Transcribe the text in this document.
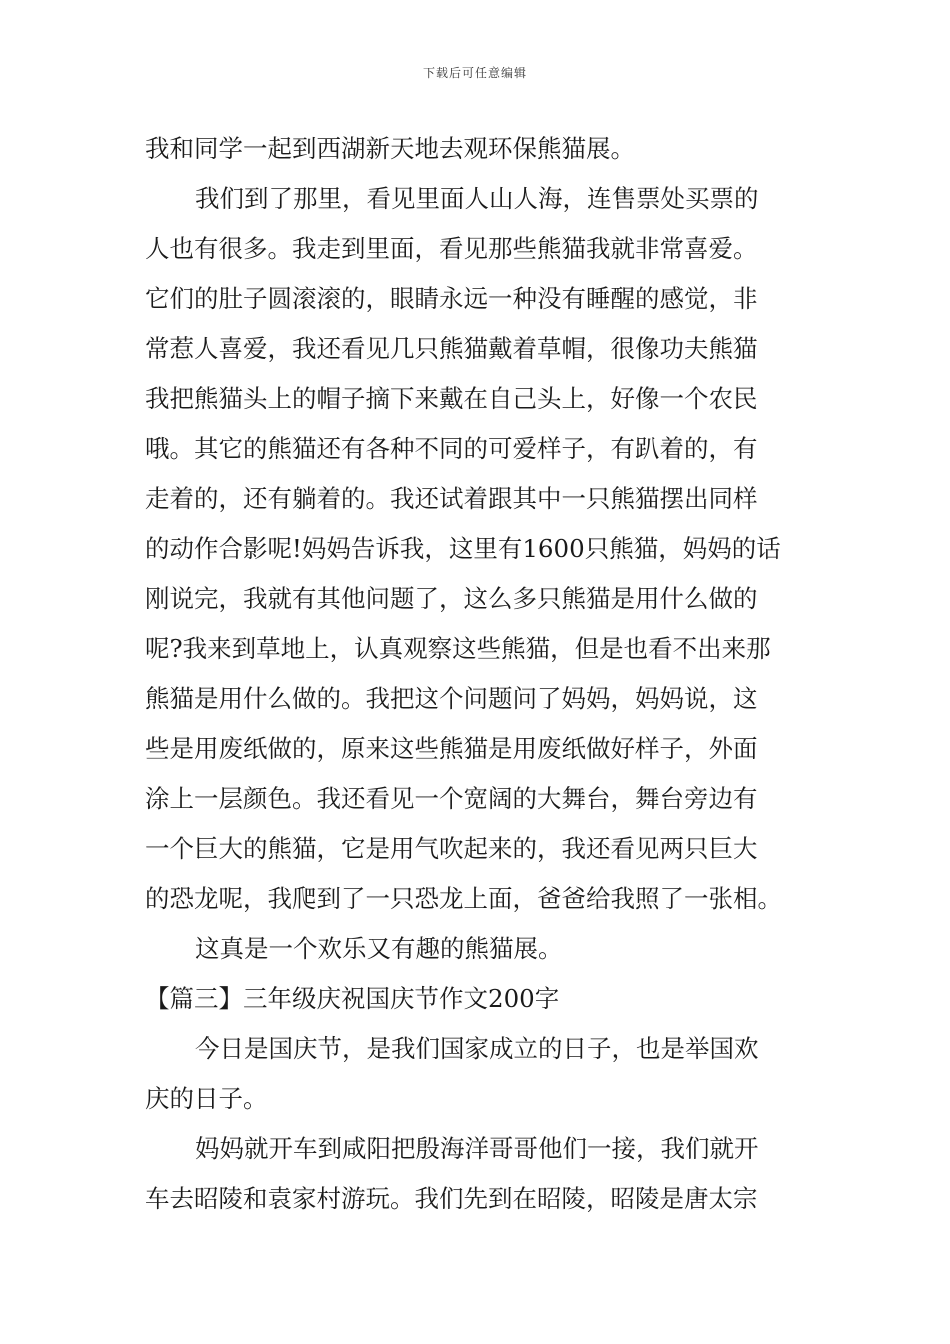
下载后可任意编辑
我和同学一起到西湖新天地去观环保熊猫展。
我们到了那里，看见里面人山人海，连售票处买票的
人也有很多。我走到里面，看见那些熊猫我就非常喜爱。
它们的肚子圆滚滚的，眼睛永远一种没有睡醒的感觉，非
常惹人喜爱，我还看见几只熊猫戴着草帽，很像功夫熊猫
我把熊猫头上的帽子摘下来戴在自己头上，好像一个农民
哦。其它的熊猫还有各种不同的可爱样子，有趴着的，有
走着的，还有躺着的。我还试着跟其中一只熊猫摆出同样
的动作合影呢!妈妈告诉我，这里有1600只熊猫，妈妈的话
刚说完，我就有其他问题了，这么多只熊猫是用什么做的
呢?我来到草地上，认真观察这些熊猫，但是也看不出来那
熊猫是用什么做的。我把这个问题问了妈妈，妈妈说，这
些是用废纸做的，原来这些熊猫是用废纸做好样子，外面
涂上一层颜色。我还看见一个宽阔的大舞台，舞台旁边有
一个巨大的熊猫，它是用气吹起来的，我还看见两只巨大
的恐龙呢，我爬到了一只恐龙上面，爸爸给我照了一张相。
这真是一个欢乐又有趣的熊猫展。
【篇三】三年级庆祝国庆节作文200字
今日是国庆节，是我们国家成立的日子，也是举国欢
庆的日子。
妈妈就开车到咸阳把殷海洋哥哥他们一接，我们就开
车去昭陵和袁家村游玩。我们先到在昭陵，昭陵是唐太宗
